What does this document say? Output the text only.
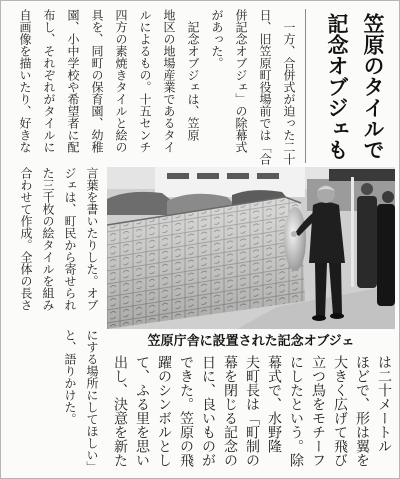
笠原のタイルで
記念オブジェも
　一方、合併式が迫った二十
日、旧笠原町役場前では「合
併記念オブジェ」の除幕式
があった。
　記念オブジェは、笠原
地区の地場産業であるタイ
ルによるもの。十五センチ
四方の素焼きタイルと絵の
具を、同町の保育園、幼稚
園、小中学校や希望者に配
布し、それぞれがタイルに
自画像を描いたり、好きな
言葉を書いたりした。オブ
ジェは、町民から寄せられ
た三千枚の絵タイルを組み
合わせて作成。全体の長さ
笠原庁舎に設置された記念オブジェ
は二十メートル
ほどで、形は翼を
大きく広げて飛び
立つ鳥をモチーフ
にしたという。除
幕式で、水野隆
夫町長は「町制の
幕を閉じる記念の
日に、良いものが
できた。笠原の飛
躍のシンボルとし
て、ふる里を思い
出し、決意を新た
にする場所にしてほしい」
と、語りかけた。
